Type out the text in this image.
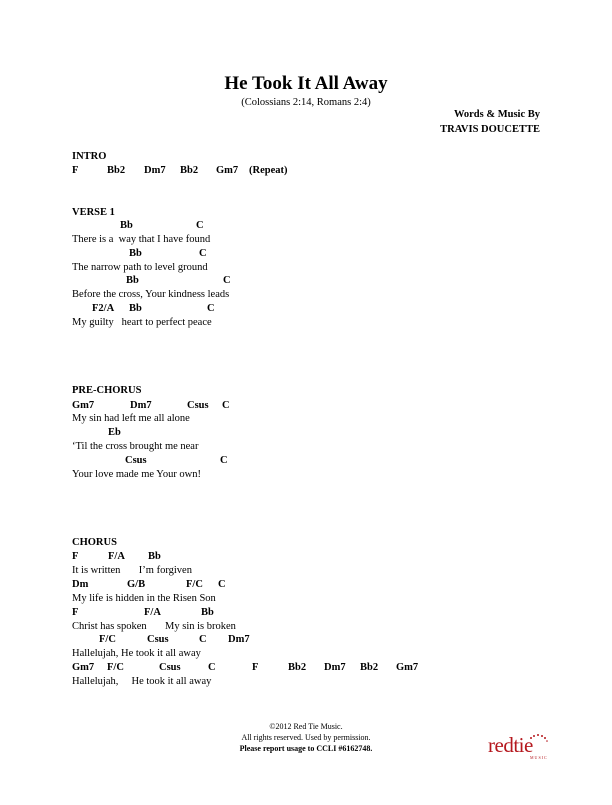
He Took It All Away
(Colossians 2:14, Romans 2:4)
Words & Music By
TRAVIS DOUCETTE
INTRO
F	Bb2 Dm7 Bb2 Gm7 (Repeat)
VERSE 1
Bb	C
There is a  way that I have found
Bb	C
The narrow path to level ground
Bb	C
Before the cross, Your kindness leads
F2/A Bb	C
My guilty   heart to perfect peace
PRE-CHORUS
Gm7	Dm7	Csus C
My sin had left me all alone
Eb
‘Til the cross brought me near
Csus	C
Your love made me Your own!
CHORUS
F	F/A Bb
It is written       I’m forgiven
Dm	G/B	F/C C
My life is hidden in the Risen Son
F	F/A	Bb
Christ has spoken       My sin is broken
F/C	Csus	C Dm7
Hallelujah, He took it all away
Gm7 F/C	Csus	C	F	Bb2 Dm7 Bb2 Gm7
Hallelujah,     He took it all away
©2012 Red Tie Music.
All rights reserved. Used by permission.
Please report usage to CCLI #6162748.

	redtie

MUSIC
